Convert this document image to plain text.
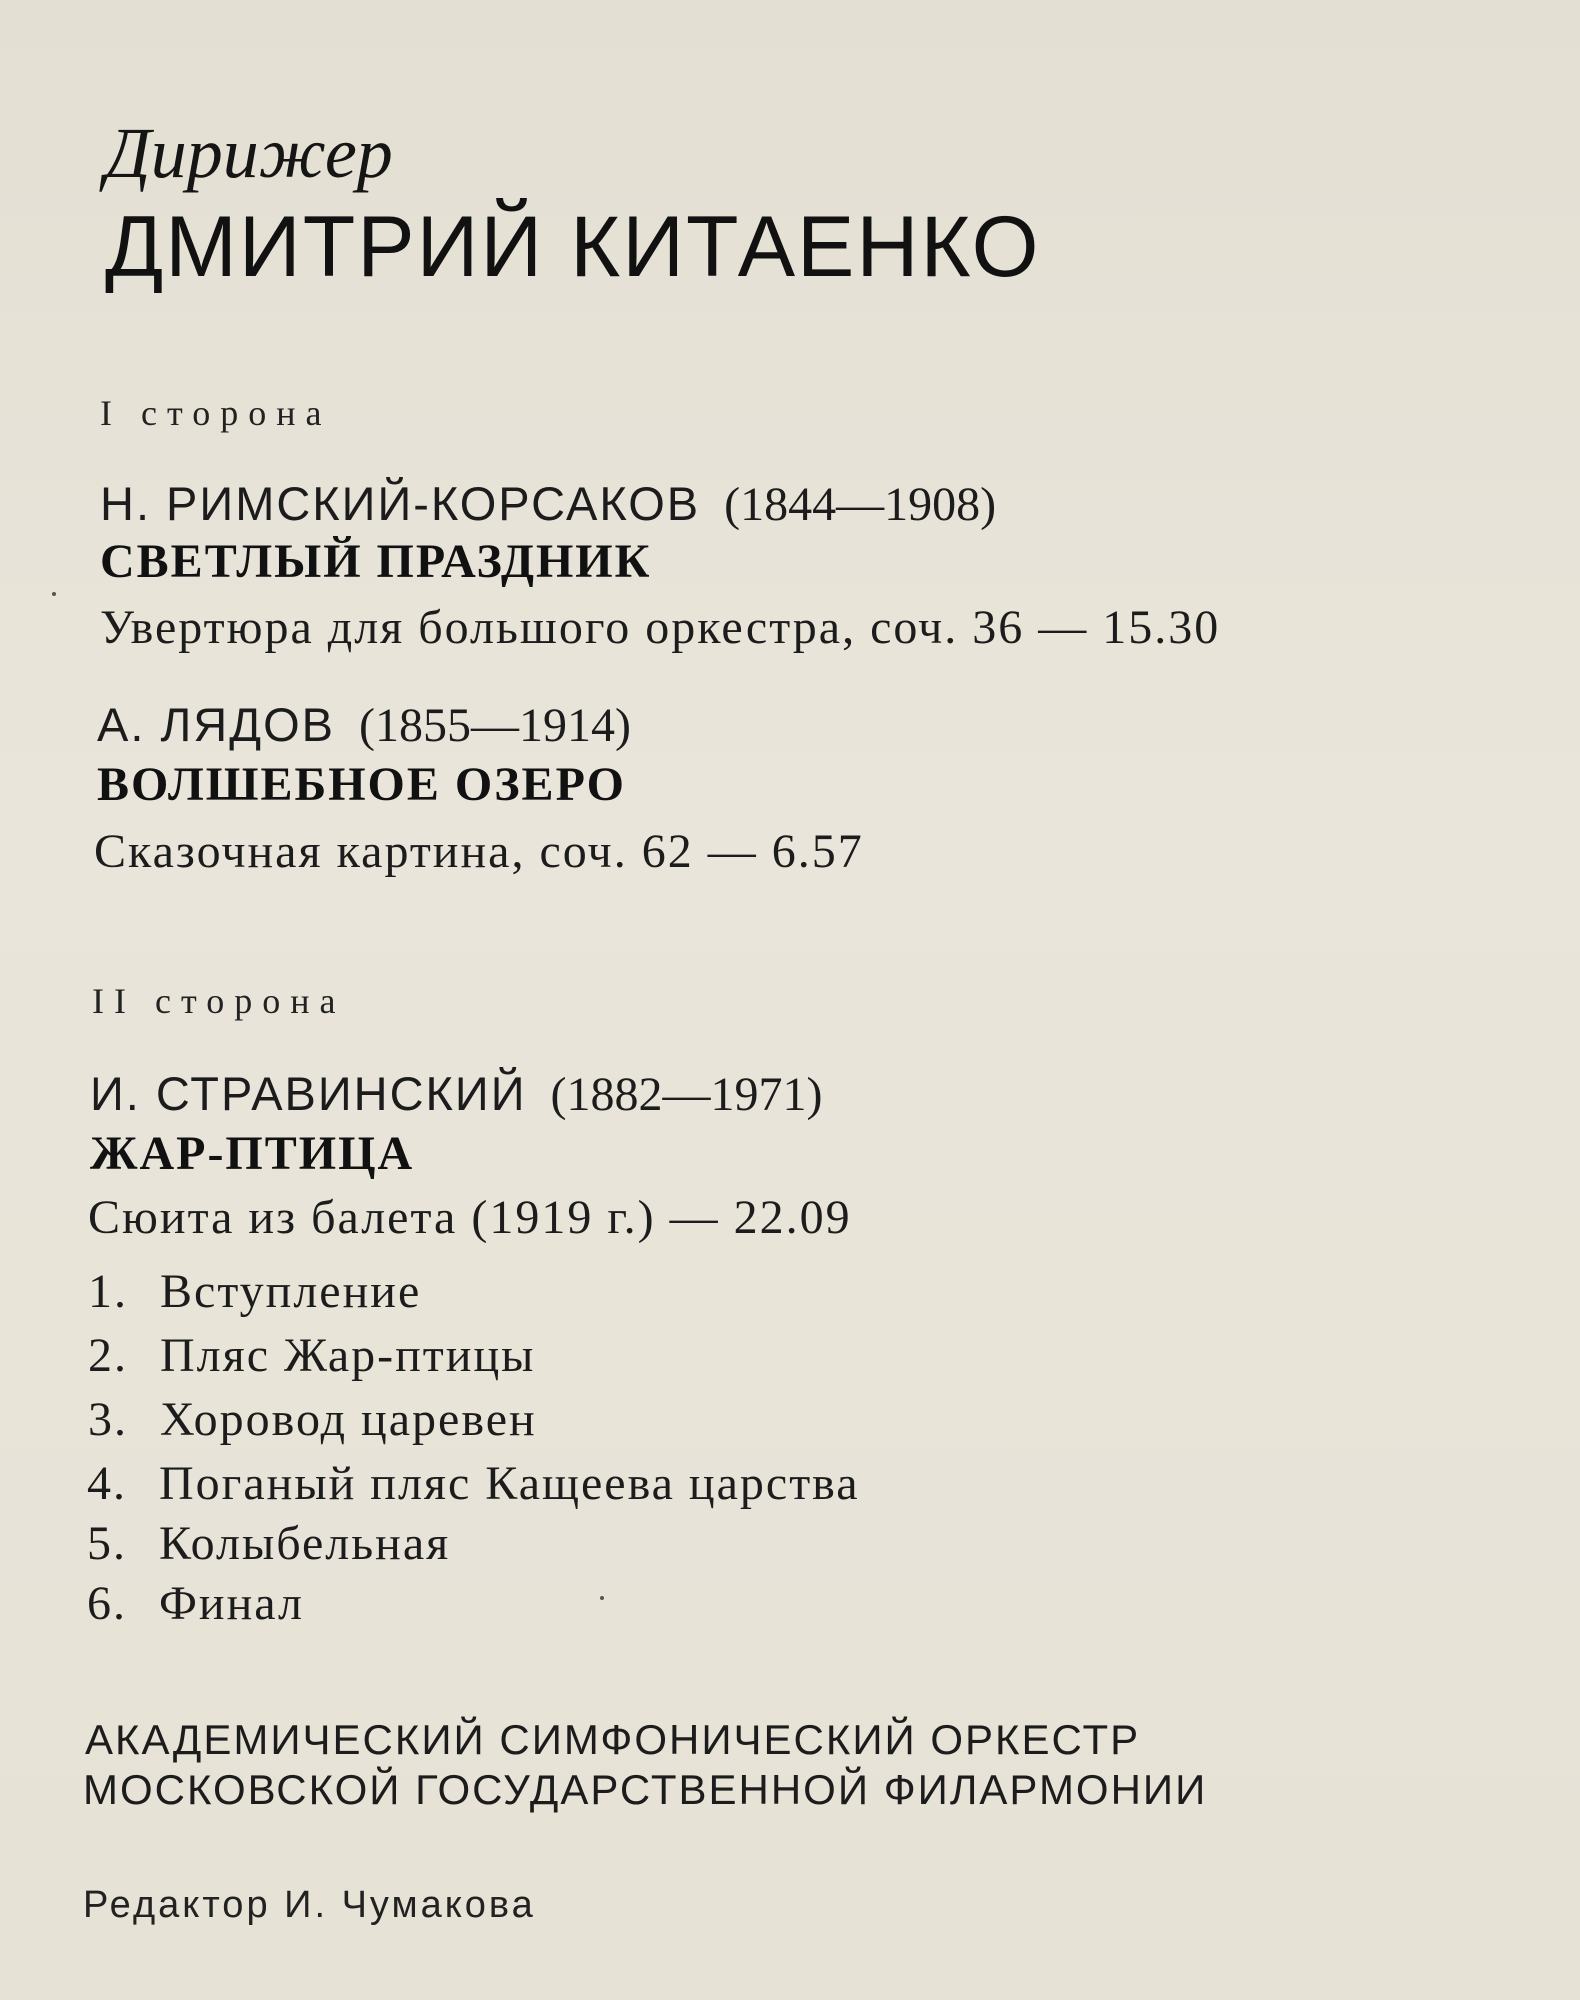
Дирижер
ДМИТРИЙ КИТАЕНКО
I сторона
Н. РИМСКИЙ-КОРСАКОВ (1844—1908)
СВЕТЛЫЙ ПРАЗДНИК
Увертюра для большого оркестра, соч. 36 — 15.30
А. ЛЯДОВ (1855—1914)
ВОЛШЕБНОЕ ОЗЕРО
Сказочная картина, соч. 62 — 6.57
II сторона
И. СТРАВИНСКИЙ (1882—1971)
ЖАР-ПТИЦА
Сюита из балета (1919 г.) — 22.09
1. Вступление
2. Пляс Жар-птицы
3. Хоровод царевен
4. Поганый пляс Кащеева царства
5. Колыбельная
6. Финал
АКАДЕМИЧЕСКИЙ СИМФОНИЧЕСКИЙ ОРКЕСТР
МОСКОВСКОЙ ГОСУДАРСТВЕННОЙ ФИЛАРМОНИИ
Редактор И. Чумакова
